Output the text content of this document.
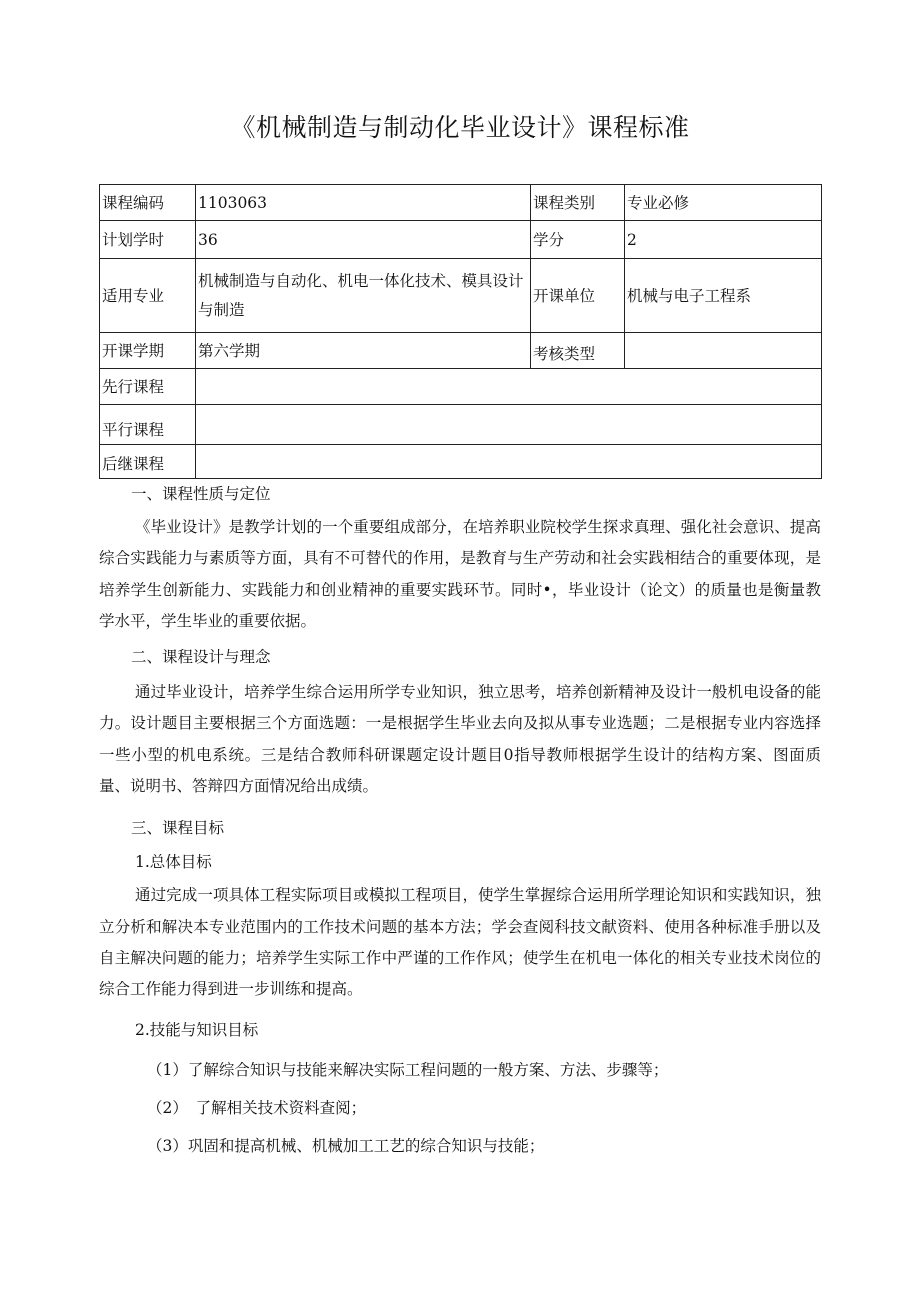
《机械制造与制动化毕业设计》课程标准
课程编码	1103063	课程类别	专业必修
计划学时	36	学分	2
适用专业	机械制造与自动化、机电一体化技术、模具设计与制造	开课单位	机械与电子工程系
开课学期	第六学期	考核类型	
先行课程			
平行课程			
后继课程			
一、课程性质与定位

《毕业设计》是教学计划的一个重要组成部分，在培养职业院校学生探求真理、强化社会意识、提高综合实践能力与素质等方面，具有不可替代的作用，是教育与生产劳动和社会实践相结合的重要体现，是培养学生创新能力、实践能力和创业精神的重要实践环节。同时•，毕业设计（论文）的质量也是衡量教学水平，学生毕业的重要依据。

二、课程设计与理念

通过毕业设计，培养学生综合运用所学专业知识，独立思考，培养创新精神及设计一般机电设备的能力。设计题目主要根据三个方面选题：一是根据学生毕业去向及拟从事专业选题；二是根据专业内容选择一些小型的机电系统。三是结合教师科研课题定设计题目0指导教师根据学生设计的结构方案、图面质量、说明书、答辩四方面情况给出成绩。

三、课程目标
1.总体目标

通过完成一项具体工程实际项目或模拟工程项目，使学生掌握综合运用所学理论知识和实践知识，独立分析和解决本专业范围内的工作技术问题的基本方法；学会查阅科技文献资料、使用各种标准手册以及自主解决问题的能力；培养学生实际工作中严谨的工作作风；使学生在机电一体化的相关专业技术岗位的综合工作能力得到进一步训练和提高。

2.技能与知识目标
（1）了解综合知识与技能来解决实际工程问题的一般方案、方法、步骤等；
（2）　了解相关技术资料查阅；
（3）巩固和提高机械、机械加工工艺的综合知识与技能；
